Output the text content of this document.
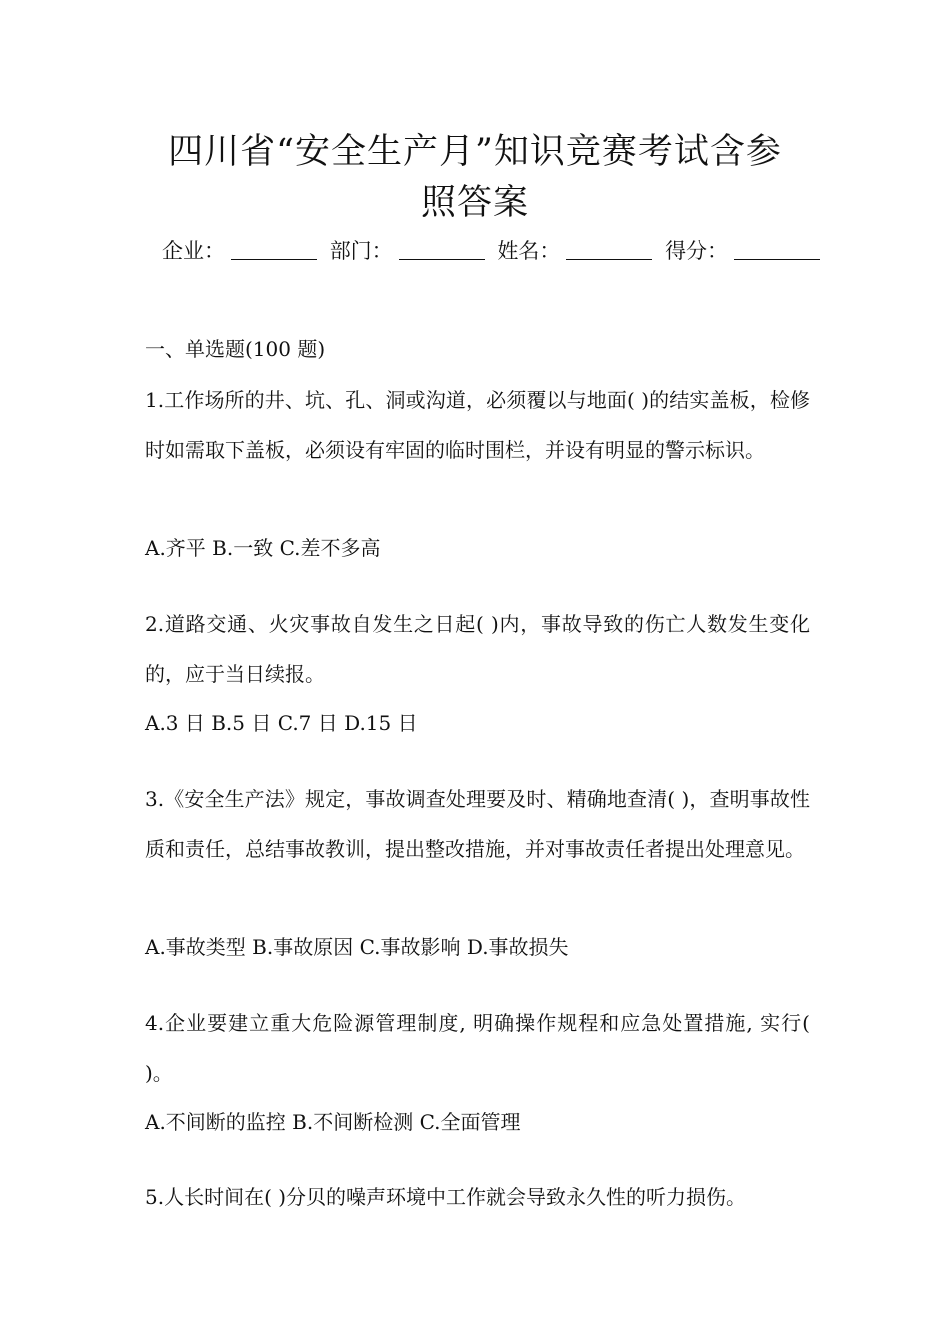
四川省“安全生产月”知识竞赛考试含参
照答案
企业：	部门：	姓名：	得分：
一、单选题(100 题)
1.工作场所的井、坑、孔、洞或沟道，必须覆以与地面( )的结实盖板，检修时如需取下盖板，必须设有牢固的临时围栏，并设有明显的警示标识。
A.齐平 B.一致 C.差不多高
2.道路交通、火灾事故自发生之日起( )内，事故导致的伤亡人数发生变化的，应于当日续报。
A.3 日 B.5 日 C.7 日 D.15 日
3.《安全生产法》规定，事故调查处理要及时、精确地查清( )，查明事故性质和责任，总结事故教训，提出整改措施，并对事故责任者提出处理意见。
A.事故类型 B.事故原因 C.事故影响 D.事故损失
4.企业要建立重大危险源管理制度, 明确操作规程和应急处置措施, 实行( )。
A.不间断的监控 B.不间断检测 C.全面管理
5.人长时间在( )分贝的噪声环境中工作就会导致永久性的听力损伤。
